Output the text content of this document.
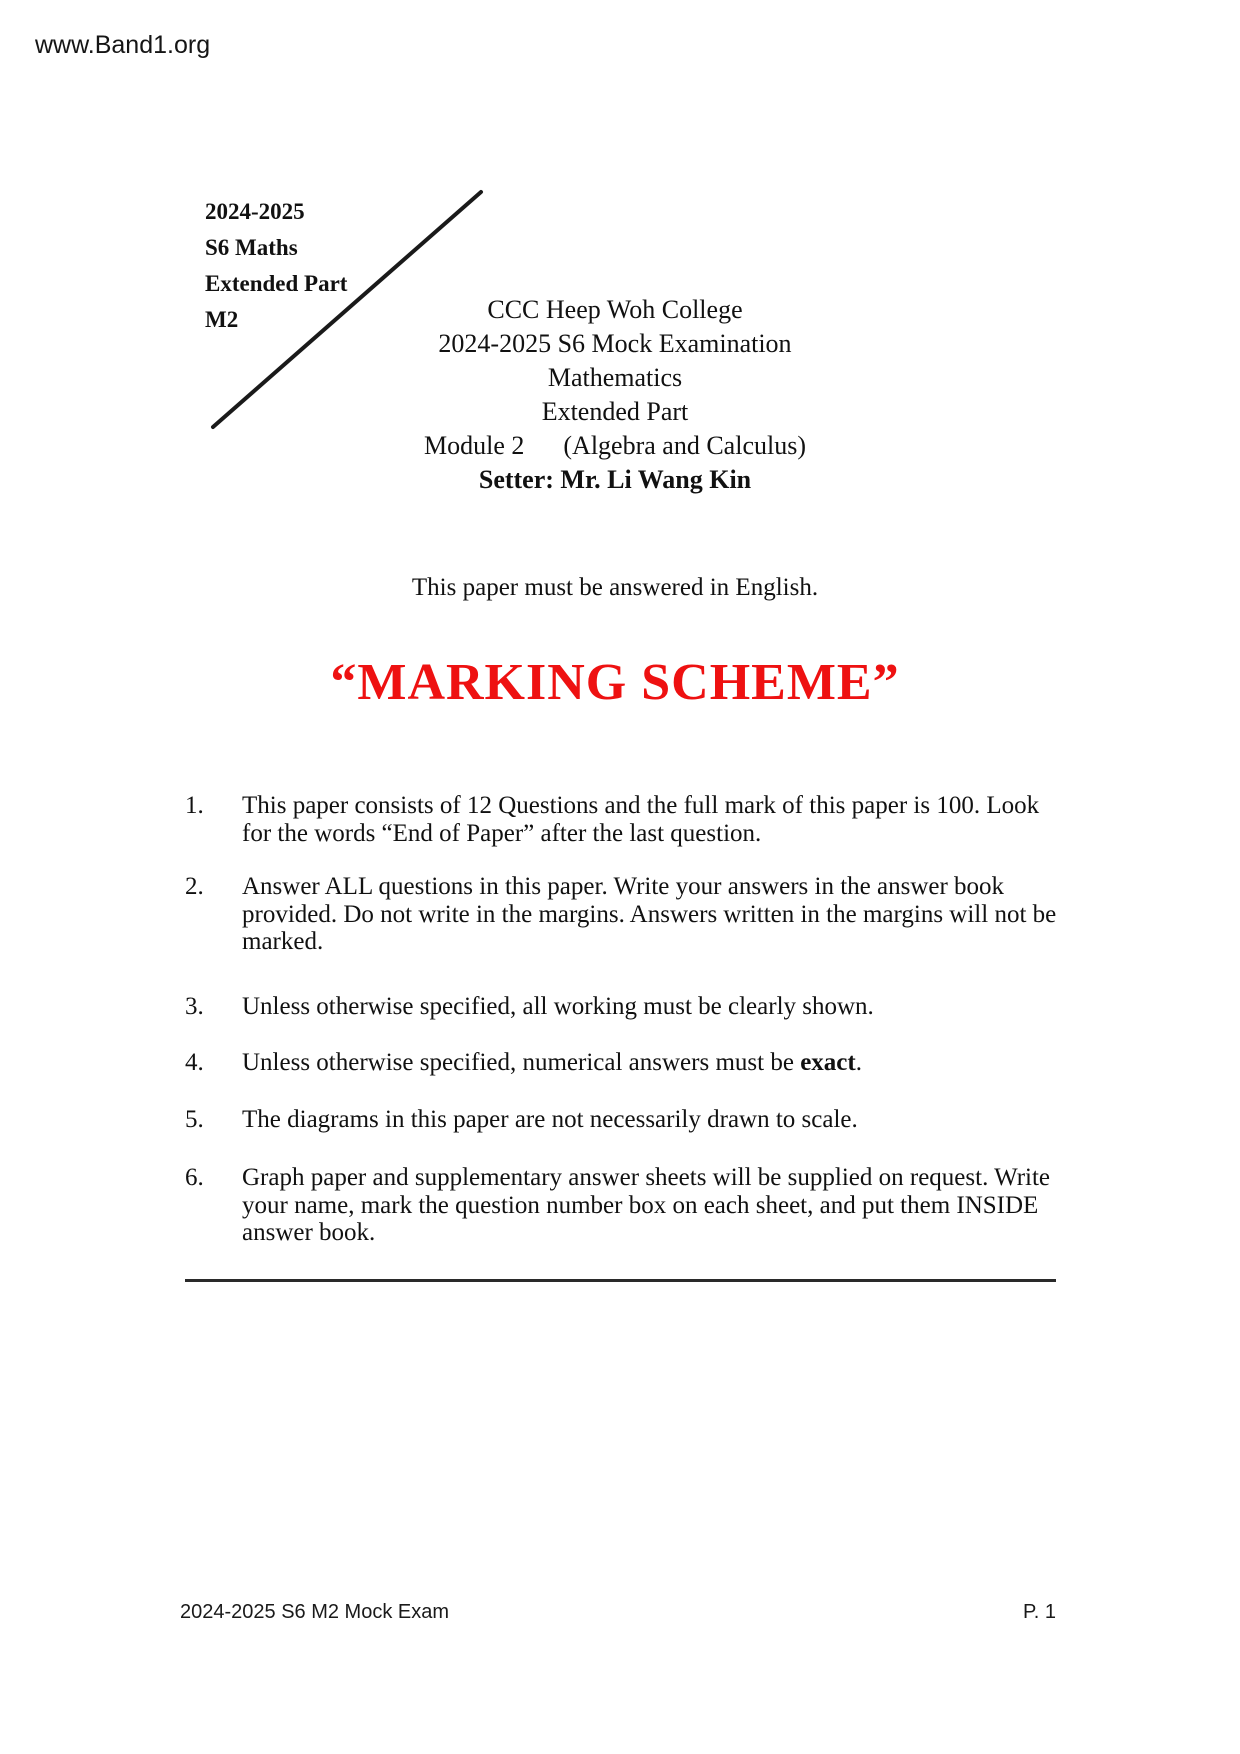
www.Band1.org
2024-2025
S6 Maths
Extended Part
M2	CCC Heep Woh College
2024-2025 S6 Mock Examination
Mathematics
Extended Part
Module 2      (Algebra and Calculus)
Setter: Mr. Li Wang Kin
This paper must be answered in English.
“MARKING SCHEME”
1. This paper consists of 12 Questions and the full mark of this paper is 100. Look
for the words “End of Paper” after the last question.
2. Answer ALL questions in this paper. Write your answers in the answer book
provided. Do not write in the margins. Answers written in the margins will not be
marked.
3. Unless otherwise specified, all working must be clearly shown.
4. Unless otherwise specified, numerical answers must be exact.
5. The diagrams in this paper are not necessarily drawn to scale.
6. Graph paper and supplementary answer sheets will be supplied on request. Write
your name, mark the question number box on each sheet, and put them INSIDE
answer book.
2024-2025 S6 M2 Mock Exam	P. 1
